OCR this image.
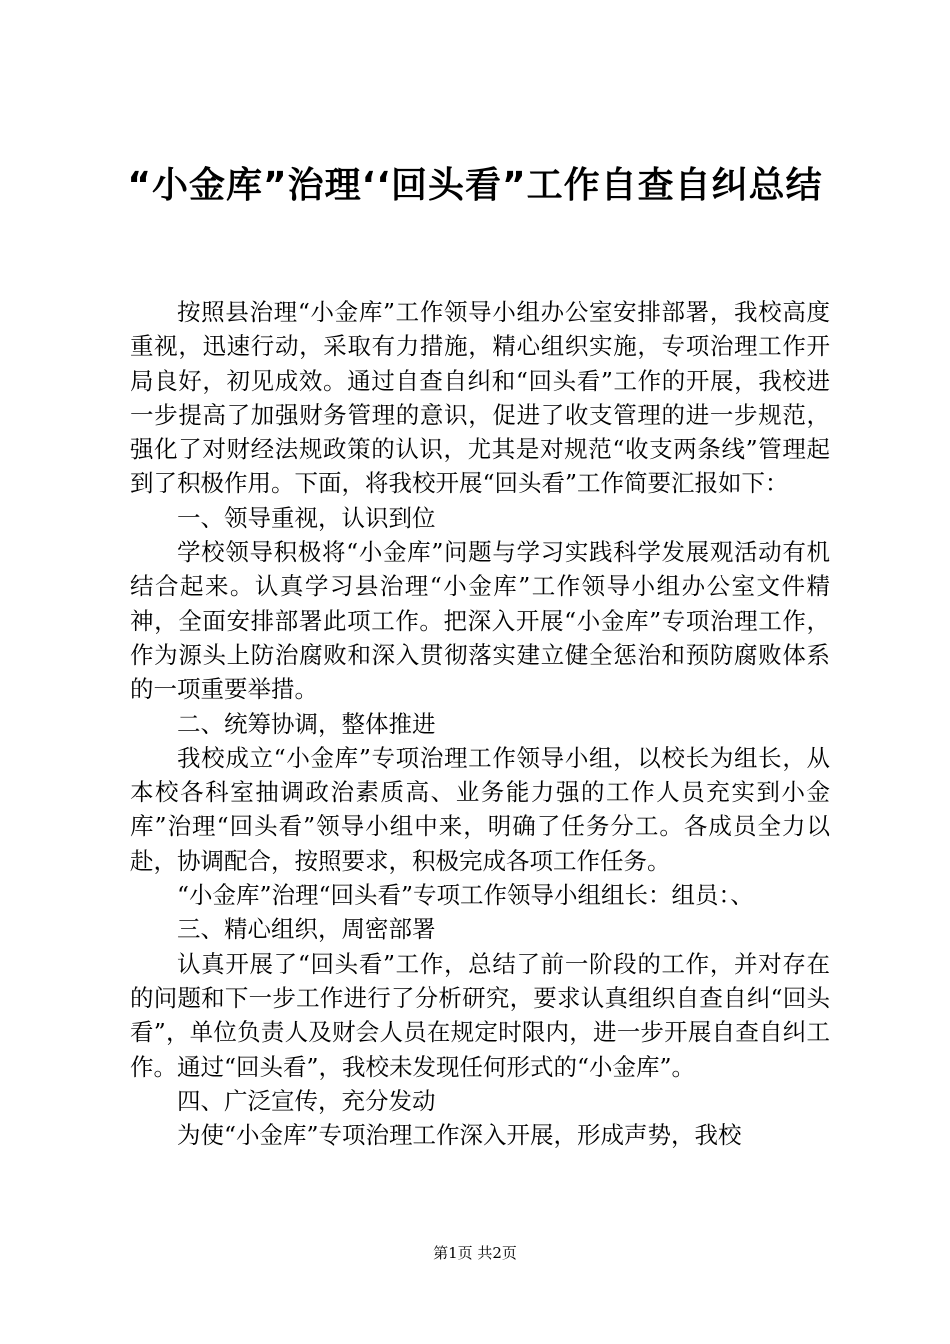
“小金库”治理‘‘回头看”工作自查自纠总结

按照县治理“小金库”工作领导小组办公室安排部署，我校高度重视，迅速行动，采取有力措施，精心组织实施，专项治理工作开局良好，初见成效。通过自查自纠和“回头看”工作的开展，我校进一步提高了加强财务管理的意识，促进了收支管理的进一步规范，强化了对财经法规政策的认识，尤其是对规范“收支两条线”管理起到了积极作用。下面，将我校开展“回头看”工作简要汇报如下：

一、领导重视，认识到位

学校领导积极将“小金库”问题与学习实践科学发展观活动有机结合起来。认真学习县治理“小金库”工作领导小组办公室文件精神，全面安排部署此项工作。把深入开展“小金库”专项治理工作，作为源头上防治腐败和深入贯彻落实建立健全惩治和预防腐败体系的一项重要举措。

二、统筹协调，整体推进

我校成立“小金库”专项治理工作领导小组，以校长为组长，从本校各科室抽调政治素质高、业务能力强的工作人员充实到小金库”治理“回头看”领导小组中来，明确了任务分工。各成员全力以赴，协调配合，按照要求，积极完成各项工作任务。

“小金库”治理“回头看”专项工作领导小组组长：组员：、

三、精心组织，周密部署

认真开展了“回头看”工作，总结了前一阶段的工作，并对存在的问题和下一步工作进行了分析研究，要求认真组织自查自纠“回头看”，单位负责人及财会人员在规定时限内，进一步开展自查自纠工作。通过“回头看”，我校未发现任何形式的“小金库”。

四、广泛宣传，充分发动

为使“小金库”专项治理工作深入开展，形成声势，我校

第1页 共2页
